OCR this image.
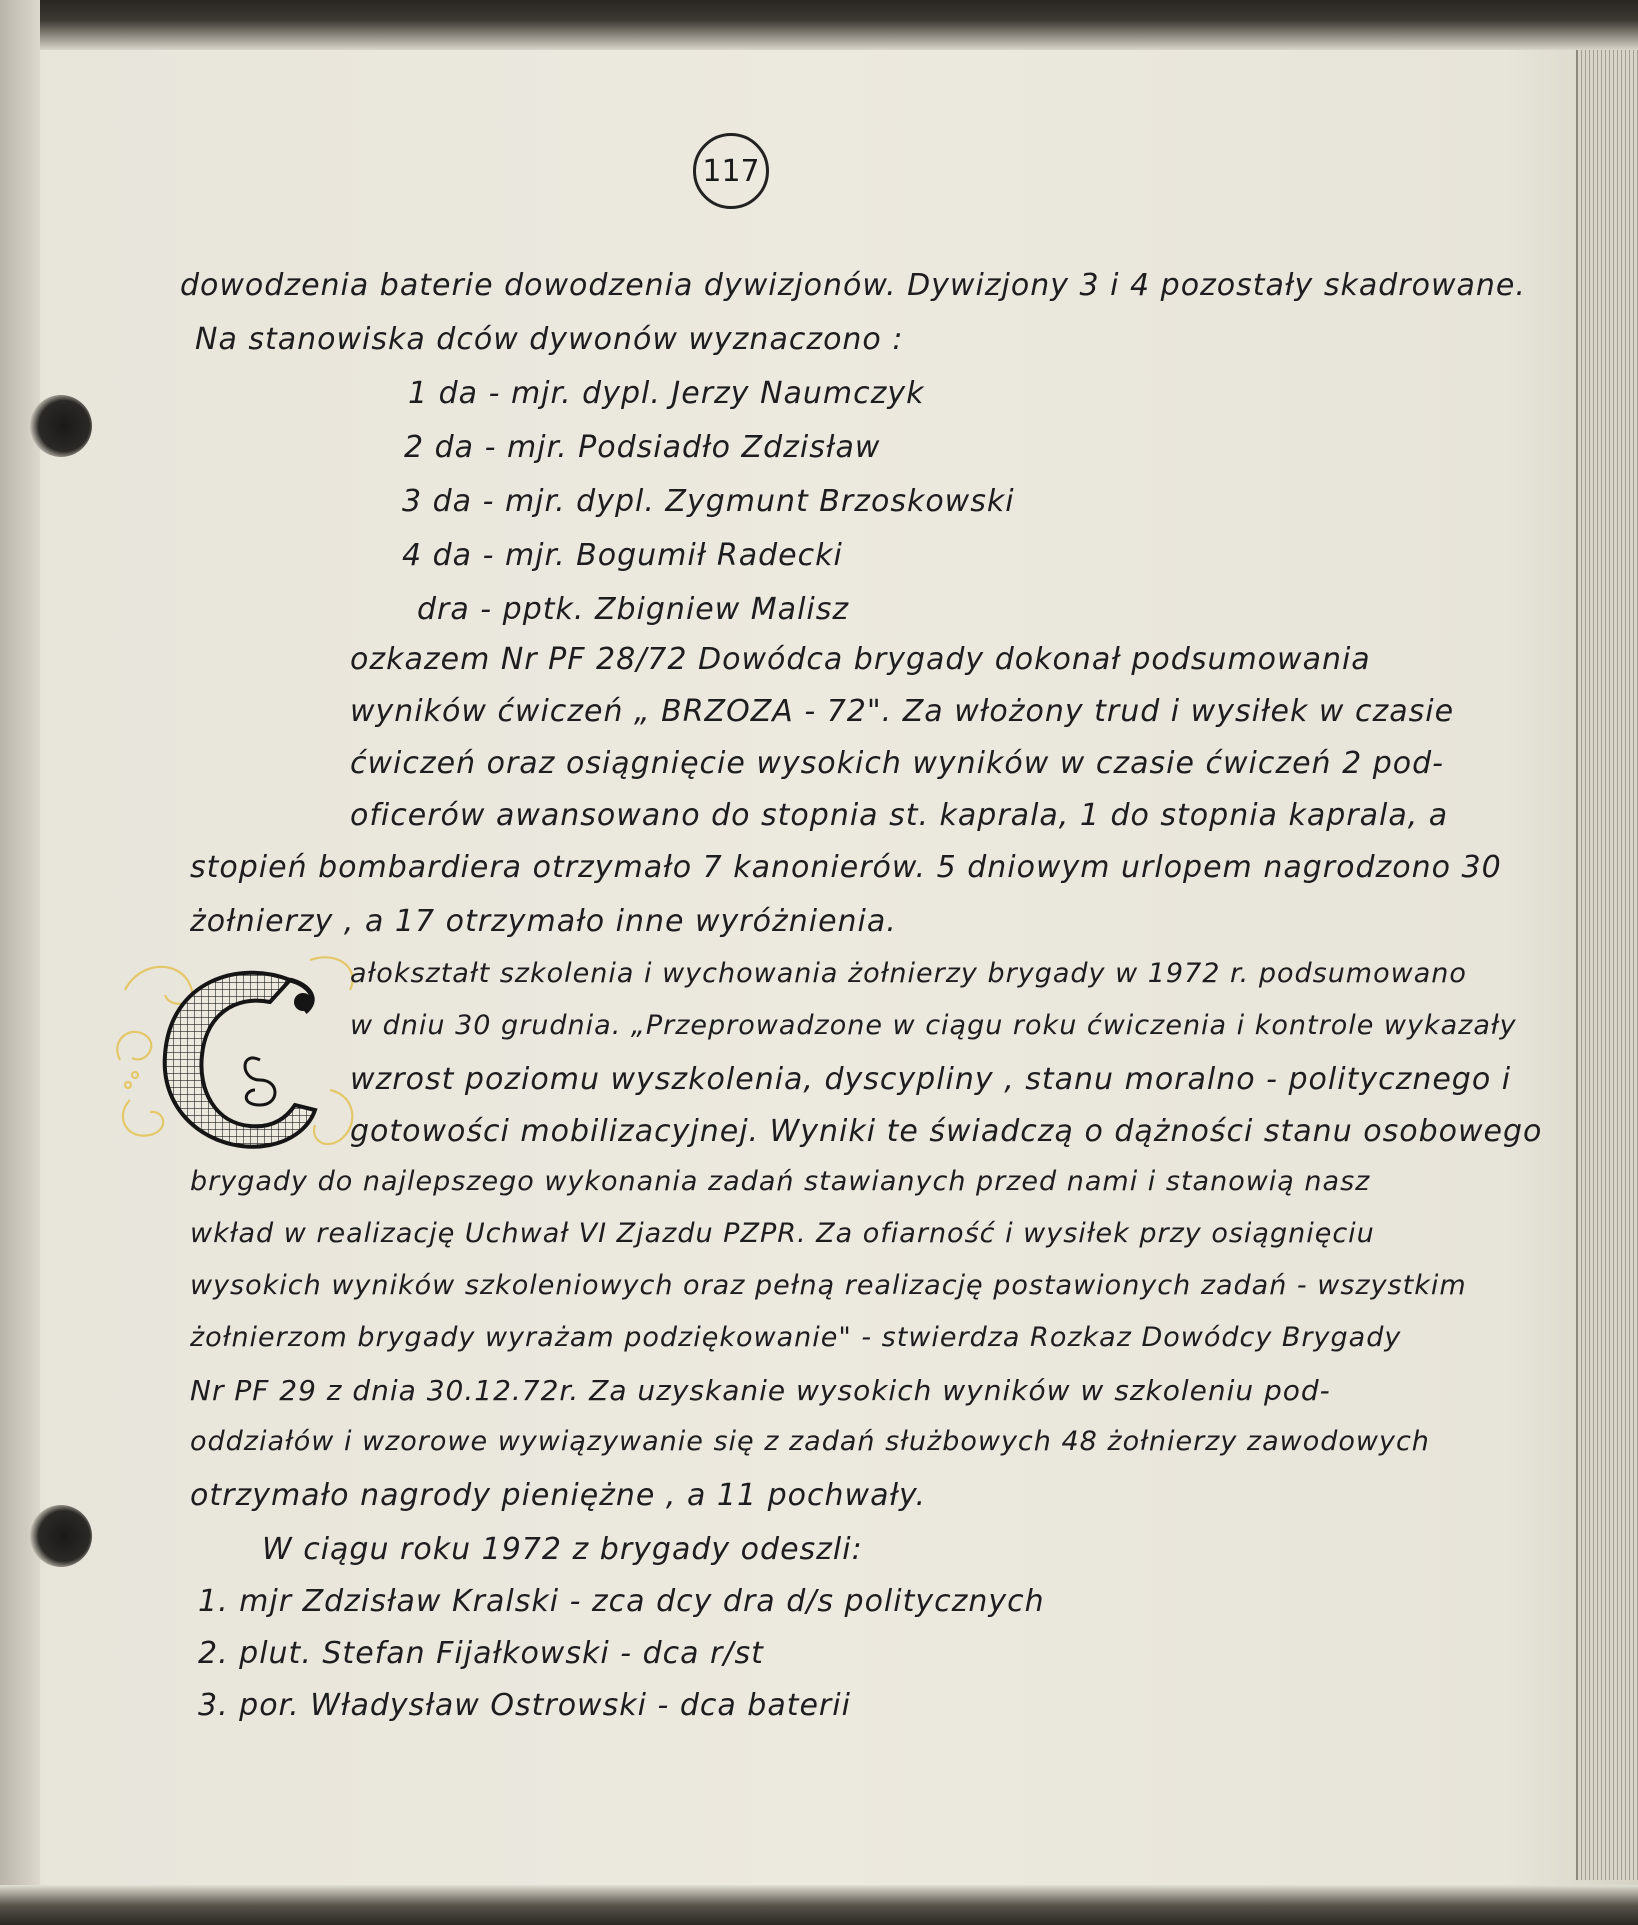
117
dowodzenia baterie dowodzenia dywizjonów. Dywizjony 3 i 4 pozostały skadrowane.
Na stanowiska dców dywonów wyznaczono :
1 da - mjr. dypl. Jerzy Naumczyk
2 da - mjr. Podsiadło Zdzisław
3 da - mjr. dypl. Zygmunt Brzoskowski
4 da - mjr. Bogumił Radecki
dra - pptk. Zbigniew Malisz
ozkazem Nr PF 28/72 Dowódca brygady dokonał podsumowania
wyników ćwiczeń „ BRZOZA - 72". Za włożony trud i wysiłek w czasie
ćwiczeń oraz osiągnięcie wysokich wyników w czasie ćwiczeń 2 pod-
oficerów awansowano do stopnia st. kaprala, 1 do stopnia kaprala, a
stopień bombardiera otrzymało 7 kanonierów. 5 dniowym urlopem nagrodzono 30
żołnierzy , a 17 otrzymało inne wyróżnienia.
ałokształt szkolenia i wychowania żołnierzy brygady w 1972 r. podsumowano
w dniu 30 grudnia. „Przeprowadzone w ciągu roku ćwiczenia i kontrole wykazały
wzrost poziomu wyszkolenia, dyscypliny , stanu moralno - politycznego i
gotowości mobilizacyjnej. Wyniki te świadczą o dążności stanu osobowego
brygady do najlepszego wykonania zadań stawianych przed nami i stanowią nasz
wkład w realizację Uchwał VI Zjazdu PZPR. Za ofiarność i wysiłek przy osiągnięciu
wysokich wyników szkoleniowych oraz pełną realizację postawionych zadań - wszystkim
żołnierzom brygady wyrażam podziękowanie" - stwierdza Rozkaz Dowódcy Brygady
Nr PF 29 z dnia 30.12.72r. Za uzyskanie wysokich wyników w szkoleniu pod-
oddziałów i wzorowe wywiązywanie się z zadań służbowych 48 żołnierzy zawodowych
otrzymało nagrody pieniężne , a 11 pochwały.
W ciągu roku 1972 z brygady odeszli:
1. mjr Zdzisław Kralski - zca dcy dra d/s politycznych
2. plut. Stefan Fijałkowski - dca r/st
3. por. Władysław Ostrowski - dca baterii
